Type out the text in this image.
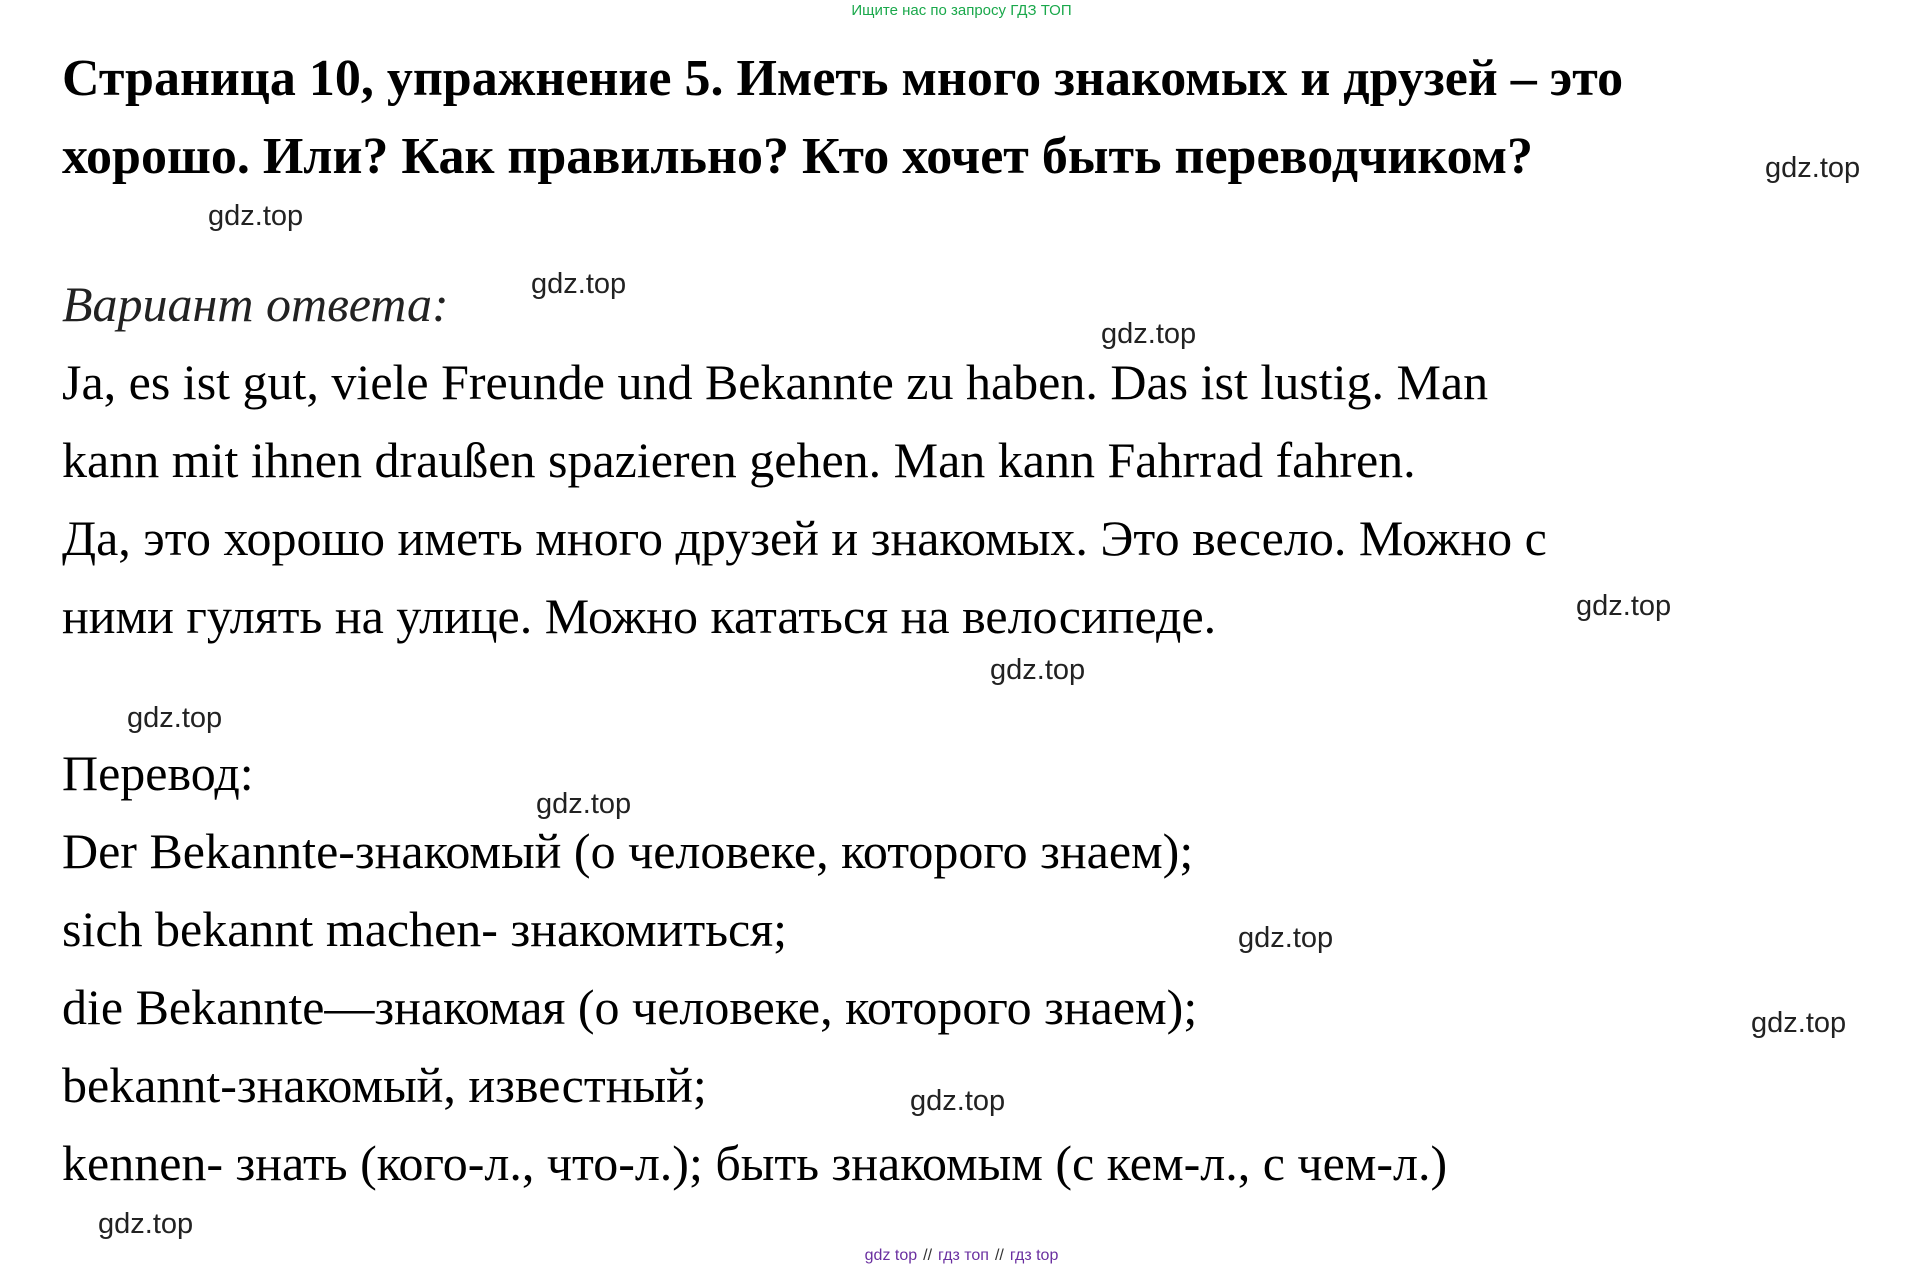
Ищите нас по запросу ГДЗ ТОП
Страница 10, упражнение 5. Иметь много знакомых и друзей – это
хорошо. Или? Как правильно? Кто хочет быть переводчиком?
Вариант ответа:
Ja, es ist gut, viele Freunde und Bekannte zu haben. Das ist lustig. Man
kann mit ihnen draußen spazieren gehen. Man kann Fahrrad fahren.
Да, это хорошо иметь много друзей и знакомых. Это весело. Можно с
ними гулять на улице. Можно кататься на велосипеде.
Перевод:
Der Bekannte-знакомый (о человеке, которого знаем);
sich bekannt machen- знакомиться;
die Bekannte—знакомая (о человеке, которого знаем);
bekannt-знакомый, известный;
kennen- знать (кого-л., что-л.); быть знакомым (с кем-л., с чем-л.)
gdz.top
gdz.top
gdz.top
gdz.top
gdz.top
gdz.top
gdz.top
gdz.top
gdz.top
gdz.top
gdz.top
gdz.top
gdz top // гдз топ // гдз top
